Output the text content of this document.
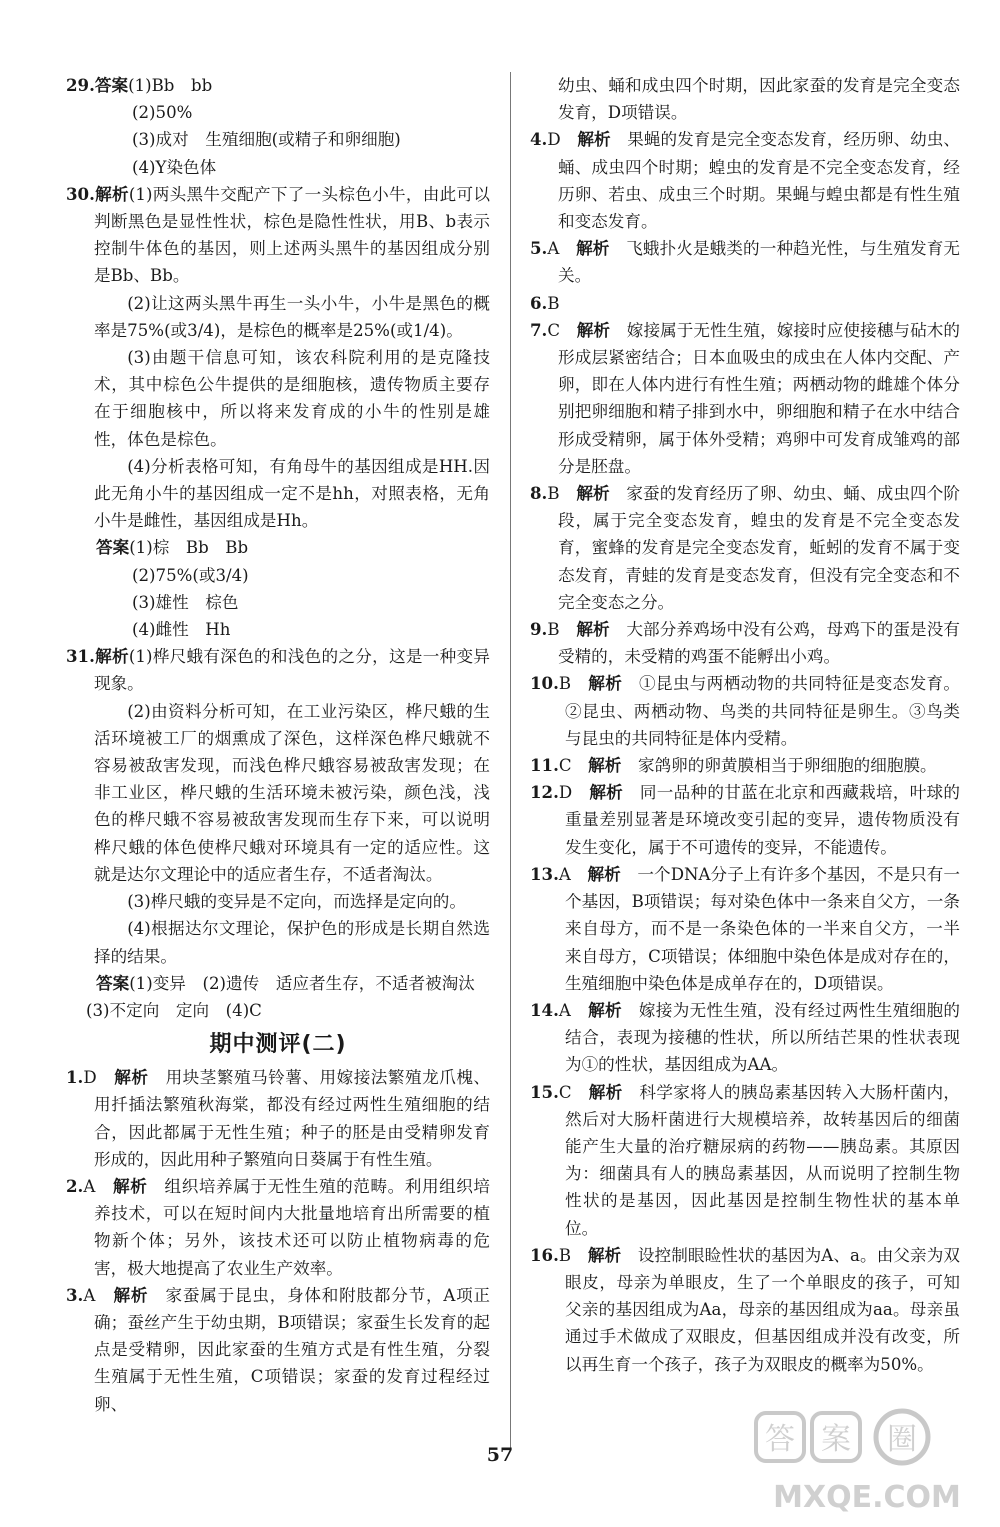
29.答案(1)Bb　bb

(2)50%

(3)成对　生殖细胞(或精子和卵细胞)

(4)Y染色体

30.解析(1)两头黑牛交配产下了一头棕色小牛，由此可以判断黑色是显性性状，棕色是隐性性状，用B、b表示控制牛体色的基因，则上述两头黑牛的基因组成分别是Bb、Bb。

(2)让这两头黑牛再生一头小牛，小牛是黑色的概率是75%(或3/4)，是棕色的概率是25%(或1/4)。

(3)由题干信息可知，该农科院利用的是克隆技术，其中棕色公牛提供的是细胞核，遗传物质主要存在于细胞核中，所以将来发育成的小牛的性别是雄性，体色是棕色。

(4)分析表格可知，有角母牛的基因组成是HH.因此无角小牛的基因组成一定不是hh，对照表格，无角小牛是雌性，基因组成是Hh。

答案(1)棕　Bb　Bb

(2)75%(或3/4)

(3)雄性　棕色

(4)雌性　Hh

31.解析(1)桦尺蛾有深色的和浅色的之分，这是一种变异现象。

(2)由资料分析可知，在工业污染区，桦尺蛾的生活环境被工厂的烟熏成了深色，这样深色桦尺蛾就不容易被敌害发现，而浅色桦尺蛾容易被敌害发现；在非工业区，桦尺蛾的生活环境未被污染，颜色浅，浅色的桦尺蛾不容易被敌害发现而生存下来，可以说明桦尺蛾的体色使桦尺蛾对环境具有一定的适应性。这就是达尔文理论中的适应者生存，不适者淘汰。

(3)桦尺蛾的变异是不定向，而选择是定向的。

(4)根据达尔文理论，保护色的形成是长期自然选择的结果。

答案(1)变异　(2)遗传　适应者生存，不适者被淘汰

(3)不定向　定向　(4)C

期中测评(二)

1.D　解析　用块茎繁殖马铃薯、用嫁接法繁殖龙爪槐、用扦插法繁殖秋海棠，都没有经过两性生殖细胞的结合，因此都属于无性生殖；种子的胚是由受精卵发育形成的，因此用种子繁殖向日葵属于有性生殖。

2.A　解析　组织培养属于无性生殖的范畴。利用组织培养技术，可以在短时间内大批量地培育出所需要的植物新个体；另外，该技术还可以防止植物病毒的危害，极大地提高了农业生产效率。

3.A　解析　家蚕属于昆虫，身体和附肢都分节，A项正确；蚕丝产生于幼虫期，B项错误；家蚕生长发育的起点是受精卵，因此家蚕的生殖方式是有性生殖，分裂生殖属于无性生殖，C项错误；家蚕的发育过程经过卵、

幼虫、蛹和成虫四个时期，因此家蚕的发育是完全变态发育，D项错误。

4.D　解析　果蝇的发育是完全变态发育，经历卵、幼虫、蛹、成虫四个时期；蝗虫的发育是不完全变态发育，经历卵、若虫、成虫三个时期。果蝇与蝗虫都是有性生殖和变态发育。

5.A　解析　飞蛾扑火是蛾类的一种趋光性，与生殖发育无关。

6.B

7.C　解析　嫁接属于无性生殖，嫁接时应使接穗与砧木的形成层紧密结合；日本血吸虫的成虫在人体内交配、产卵，即在人体内进行有性生殖；两栖动物的雌雄个体分别把卵细胞和精子排到水中，卵细胞和精子在水中结合形成受精卵，属于体外受精；鸡卵中可发育成雏鸡的部分是胚盘。

8.B　解析　家蚕的发育经历了卵、幼虫、蛹、成虫四个阶段，属于完全变态发育，蝗虫的发育是不完全变态发育，蜜蜂的发育是完全变态发育，蚯蚓的发育不属于变态发育，青蛙的发育是变态发育，但没有完全变态和不完全变态之分。

9.B　解析　大部分养鸡场中没有公鸡，母鸡下的蛋是没有受精的，未受精的鸡蛋不能孵出小鸡。

10.B　解析　①昆虫与两栖动物的共同特征是变态发育。②昆虫、两栖动物、鸟类的共同特征是卵生。③鸟类与昆虫的共同特征是体内受精。

11.C　解析　家鸽卵的卵黄膜相当于卵细胞的细胞膜。

12.D　解析　同一品种的甘蓝在北京和西藏栽培，叶球的重量差别显著是环境改变引起的变异，遗传物质没有发生变化，属于不可遗传的变异，不能遗传。

13.A　解析　一个DNA分子上有许多个基因，不是只有一个基因，B项错误；每对染色体中一条来自父方，一条来自母方，而不是一条染色体的一半来自父方，一半来自母方，C项错误；体细胞中染色体是成对存在的，生殖细胞中染色体是成单存在的，D项错误。

14.A　解析　嫁接为无性生殖，没有经过两性生殖细胞的结合，表现为接穗的性状，所以所结芒果的性状表现为①的性状，基因组成为AA。

15.C　解析　科学家将人的胰岛素基因转入大肠杆菌内，然后对大肠杆菌进行大规模培养，故转基因后的细菌能产生大量的治疗糖尿病的药物——胰岛素。其原因为：细菌具有人的胰岛素基因，从而说明了控制生物性状的是基因，因此基因是控制生物性状的基本单位。

16.B　解析　设控制眼睑性状的基因为A、a。由父亲为双眼皮，母亲为单眼皮，生了一个单眼皮的孩子，可知父亲的基因组成为Aa，母亲的基因组成为aa。母亲虽通过手术做成了双眼皮，但基因组成并没有改变，所以再生育一个孩子，孩子为双眼皮的概率为50%。

57	答 案 圈
MXQE.COM
